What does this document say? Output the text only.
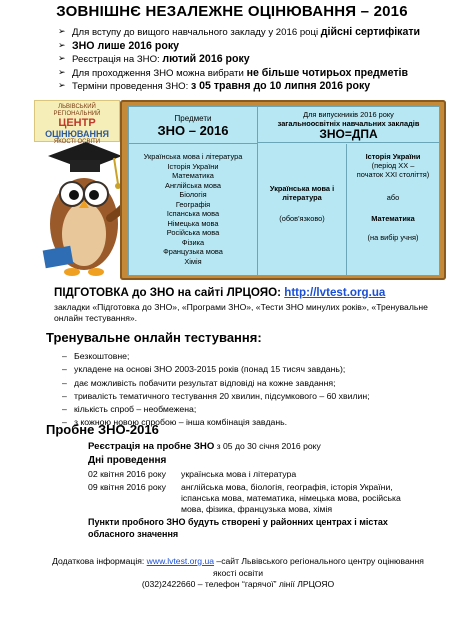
ЗОВНІШНЄ НЕЗАЛЕЖНЕ ОЦІНЮВАННЯ – 2016
➢ Для вступу до вищого навчального закладу у 2016 році дійсні сертифікати
➢ ЗНО лише 2016 року
➢ Реєстрація на ЗНО: лютий 2016 року
➢ Для проходження ЗНО можна вибрати не більше чотирьох предметів
➢ Терміни проведення ЗНО: з 05 травня до 10 липня 2016 року
ЛЬВІВСЬКИЙ РЕГІОНАЛЬНИЙ
ЦЕНТР
ОЦІНЮВАННЯ
ЯКОСТІ ОСВІТИ
Предмети
ЗНО – 2016
Українська мова і література
Історія України
Математика
Англійська мова
Біологія
Географія
Іспанська мова
Німецька мова
Російська мова
Фізика
Французька мова
Хімія
Для випускників 2016 року
загальноосвітніх навчальних закладів
ЗНО=ДПА
Українська мова і література
(обов'язково)
Історія України
(період ХХ –
початок ХХІ століття)
або
Математика
(на вибір учня)
ПІДГОТОВКА до ЗНО на сайті ЛРЦОЯО: http://lvtest.org.ua
закладки «Підготовка до ЗНО», «Програми ЗНО», «Тести ЗНО минулих років», «Тренувальне онлайн тестування».
Тренувальне онлайн тестування:
– Безкоштовне;
– укладене на основі ЗНО 2003-2015 років (понад 15 тисяч завдань);
– дає можливість побачити результат відповіді на кожне завдання;
– тривалість тематичного тестування 20 хвилин, підсумкового – 60 хвилин;
– кількість спроб – необмежена;
– з кожною новою спробою – інша комбінація завдань.
Пробне ЗНО-2016
Реєстрація на пробне ЗНО з 05 до 30 січня 2016 року
Дні проведення
02 квітня 2016 року українська мова і література
09 квітня 2016 року англійська мова, біологія, географія, історія України,
іспанська мова, математика, німецька мова, російська
мова, фізика, французька мова, хімія
Пункти пробного ЗНО будуть створені у районних центрах і містах
обласного значення
Додаткова інформація: www.lvtest.org.ua –сайт Львівського регіонального центру оцінювання
якості освіти
(032)2422660 – телефон “гарячої” лінії ЛРЦОЯО
